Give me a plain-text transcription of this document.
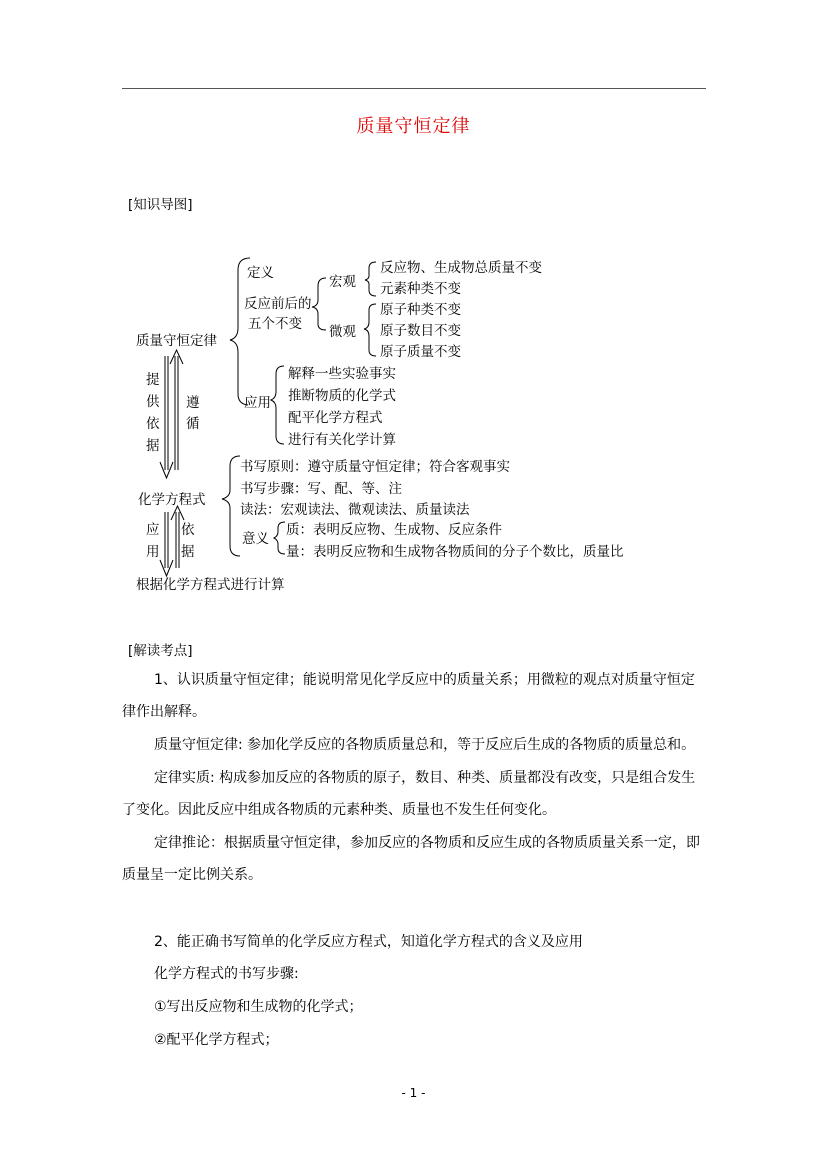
质量守恒定律
[知识导图]
质量守恒定律
定义
反应前后的
五个不变
宏观
反应物、生成物总质量不变
元素种类不变
微观
原子种类不变
原子数目不变
原子质量不变
应用
解释一些实验事实
推断物质的化学式
配平化学方程式
进行有关化学计算
提
供
依
据
遵
循
化学方程式
书写原则：遵守质量守恒定律；符合客观事实
书写步骤：写、配、等、注
读法：宏观读法、微观读法、质量读法
意义
质：表明反应物、生成物、反应条件
量：表明反应物和生成物各物质间的分子个数比，质量比
应
用
依
据
根据化学方程式进行计算
[解读考点]
1、认识质量守恒定律；能说明常见化学反应中的质量关系；用微粒的观点对质量守恒定律作出解释。
质量守恒定律: 参加化学反应的各物质质量总和，等于反应后生成的各物质的质量总和。
定律实质: 构成参加反应的各物质的原子，数目、种类、质量都没有改变，只是组合发生了变化。因此反应中组成各物质的元素种类、质量也不发生任何变化。
定律推论：根据质量守恒定律，参加反应的各物质和反应生成的各物质质量关系一定，即质量呈一定比例关系。
2、能正确书写简单的化学反应方程式，知道化学方程式的含义及应用
化学方程式的书写步骤:
①写出反应物和生成物的化学式；
②配平化学方程式；
- 1 -
